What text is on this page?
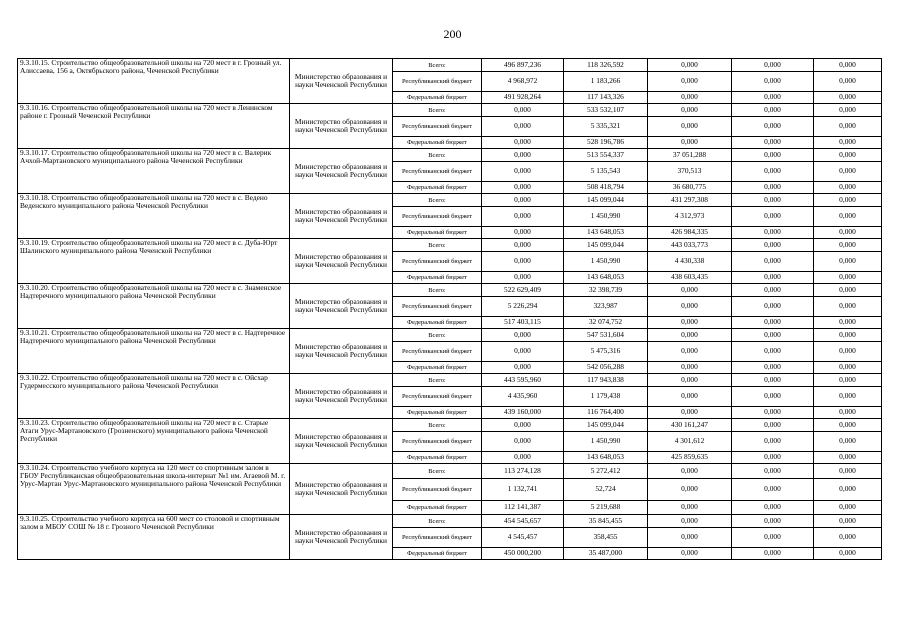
200
9.3.10.15. Строительство общеобразовательной школы на 720 мест в г. Грозный ул. Алиссаева, 156 а, Октябрьского района, Чеченской Республики	Министерство образования и науки Чеченской Республики	Всего:	496 897,236	118 326,592	0,000	0,000	0,000
		Республиканский бюджет	4 968,972	1 183,266	0,000	0,000	0,000
		Федеральный бюджет	491 928,264	117 143,326	0,000	0,000	0,000
9.3.10.16. Строительство общеобразовательной школы на 720 мест в Ленинском районе г. Грозный Чеченской Республики	Министерство образования и науки Чеченской Республики	Всего:	0,000	533 532,107	0,000	0,000	0,000
		Республиканский бюджет	0,000	5 335,321	0,000	0,000	0,000
		Федеральный бюджет	0,000	528 196,786	0,000	0,000	0,000
9.3.10.17. Строительство общеобразовательной школы на 720 мест в с. Валерик Ачхой-Мартановского муниципального района Чеченской Республики	Министерство образования и науки Чеченской Республики	Всего:	0,000	513 554,337	37 051,288	0,000	0,000
		Республиканский бюджет	0,000	5 135,543	370,513	0,000	0,000
		Федеральный бюджет	0,000	508 418,794	36 680,775	0,000	0,000
9.3.10.18. Строительство общеобразовательной школы на 720 мест в с. Ведено Веденского муниципального района Чеченской Республики	Министерство образования и науки Чеченской Республики	Всего:	0,000	145 099,044	431 297,308	0,000	0,000
		Республиканский бюджет	0,000	1 450,990	4 312,973	0,000	0,000
		Федеральный бюджет	0,000	143 648,053	426 984,335	0,000	0,000
9.3.10.19. Строительство общеобразовательной школы на 720 мест в с. Дуба-Юрт Шалинского муниципального района Чеченской Республики	Министерство образования и науки Чеченской Республики	Всего:	0,000	145 099,044	443 033,773	0,000	0,000
		Республиканский бюджет	0,000	1 450,990	4 430,338	0,000	0,000
		Федеральный бюджет	0,000	143 648,053	438 603,435	0,000	0,000
9.3.10.20. Строительство общеобразовательной школы на 720 мест в с. Знаменское Надтеречного муниципального района Чеченской Республики	Министерство образования и науки Чеченской Республики	Всего:	522 629,409	32 398,739	0,000	0,000	0,000
		Республиканский бюджет	5 226,294	323,987	0,000	0,000	0,000
		Федеральный бюджет	517 403,115	32 074,752	0,000	0,000	0,000
9.3.10.21. Строительство общеобразовательной школы на 720 мест в с. Надтеречное Надтеречного муниципального района Чеченской Республики	Министерство образования и науки Чеченской Республики	Всего:	0,000	547 531,604	0,000	0,000	0,000
		Республиканский бюджет	0,000	5 475,316	0,000	0,000	0,000
		Федеральный бюджет	0,000	542 056,288	0,000	0,000	0,000
9.3.10.22. Строительство общеобразовательной школы на 720 мест в с. Ойсхар Гудермесского муниципального района Чеченской Республики	Министерство образования и науки Чеченской Республики	Всего:	443 595,960	117 943,838	0,000	0,000	0,000
		Республиканский бюджет	4 435,960	1 179,438	0,000	0,000	0,000
		Федеральный бюджет	439 160,000	116 764,400	0,000	0,000	0,000
9.3.10.23. Строительство общеобразовательной школы на 720 мест в с. Старые Атаги Урус-Мартановского (Грозненского) муниципального района Чеченской Республики	Министерство образования и науки Чеченской Республики	Всего:	0,000	145 099,044	430 161,247	0,000	0,000
		Республиканский бюджет	0,000	1 450,990	4 301,612	0,000	0,000
		Федеральный бюджет	0,000	143 648,053	425 859,635	0,000	0,000
9.3.10.24. Строительство учебного корпуса на 120 мест со спортивным залом в ГБОУ Республиканская общеобразовательная школа-интернат №1 им. Агаевой М. г. Урус-Мартан Урус-Мартановского муниципального района Чеченской Республики	Министерство образования и науки Чеченской Республики	Всего:	113 274,128	5 272,412	0,000	0,000	0,000
		Республиканский бюджет	1 132,741	52,724	0,000	0,000	0,000
		Федеральный бюджет	112 141,387	5 219,688	0,000	0,000	0,000
9.3.10.25. Строительство учебного корпуса на 600 мест со столовой и спортивным залом в МБОУ СОШ № 18 г. Грозного Чеченской Республики	Министерство образования и науки Чеченской Республики	Всего:	454 545,657	35 845,455	0,000	0,000	0,000
		Республиканский бюджет	4 545,457	358,455	0,000	0,000	0,000
		Федеральный бюджет	450 000,200	35 487,000	0,000	0,000	0,000
